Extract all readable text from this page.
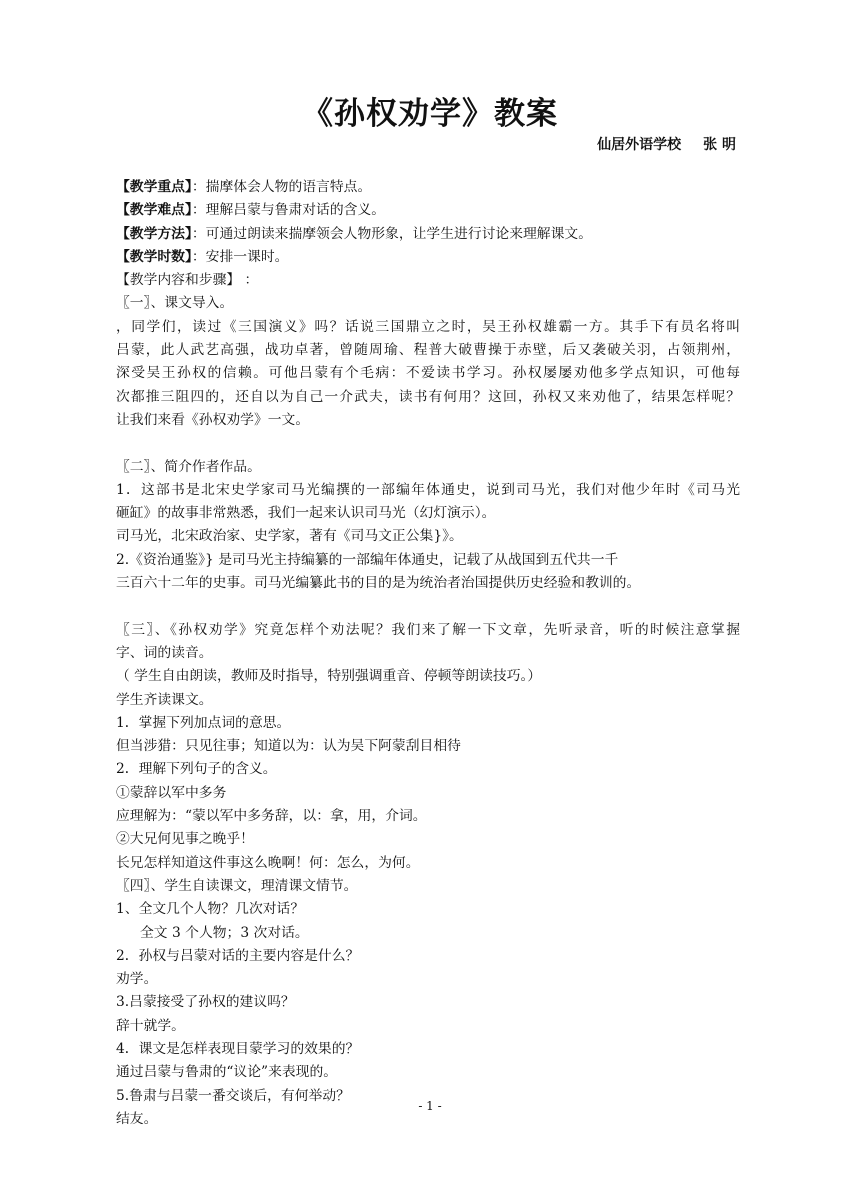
《孙权劝学》教案
仙居外语学校 张 明
【教学重点】：揣摩体会人物的语言特点。
【教学难点】：理解吕蒙与鲁肃对话的含义。
【教学方法】：可通过朗读来揣摩领会人物形象，让学生进行讨论来理解课文。
【教学时数】：安排一课时。
【教学内容和步骤】 ：
〖一〗、课文导入。
，同学们，读过《三国演义》吗？话说三国鼎立之时，吴王孙权雄霸一方。其手下有员名将叫
吕蒙，此人武艺高强，战功卓著，曾随周瑜、程普大破曹操于赤壁，后又袭破关羽，占领荆州，
深受吴王孙权的信赖。可他吕蒙有个毛病：不爱读书学习。孙权屡屡劝他多学点知识，可他每
次都推三阻四的，还自以为自己一介武夫，读书有何用？这回，孙权又来劝他了，结果怎样呢？
让我们来看《孙权劝学》一文。
〖二〗、简介作者作品。
1．这部书是北宋史学家司马光编撰的一部编年体通史，说到司马光，我们对他少年时《司马光
砸缸》的故事非常熟悉，我们一起来认识司马光（幻灯演示）。
司马光，北宋政治家、史学家，著有《司马文正公集}》。
2.《资治通鉴》} 是司马光主持编纂的一部编年体通史，记载了从战国到五代共一千
三百六十二年的史事。司马光编纂此书的目的是为统治者治国提供历史经验和教训的。
〖三〗、《孙权劝学》究竟怎样个劝法呢？我们来了解一下文章，先听录音，听的时候注意掌握
字、词的读音。
（ 学生自由朗读，教师及时指导，特别强调重音、停顿等朗读技巧。）
学生齐读课文。
1．掌握下列加点词的意思。
但当涉猎：只见往事；知道以为：认为吴下阿蒙刮目相待
2．理解下列句子的含义。
①蒙辞以军中多务
应理解为：“蒙以军中多务辞，以：拿，用，介词。
②大兄何见事之晚乎！
长兄怎样知道这件事这么晚啊！何：怎么，为何。
〖四〗、学生自读课文，理清课文情节。
1、全文几个人物？几次对话？
全文 3 个人物；3 次对话。
2．孙权与吕蒙对话的主要内容是什么？
劝学。
3.吕蒙接受了孙权的建议吗？
辞十就学。
4．课文是怎样表现目蒙学习的效果的？
通过吕蒙与鲁肃的“议论”来表现的。
5.鲁肃与吕蒙一番交谈后，有何举动？
结友。
- 1 -
